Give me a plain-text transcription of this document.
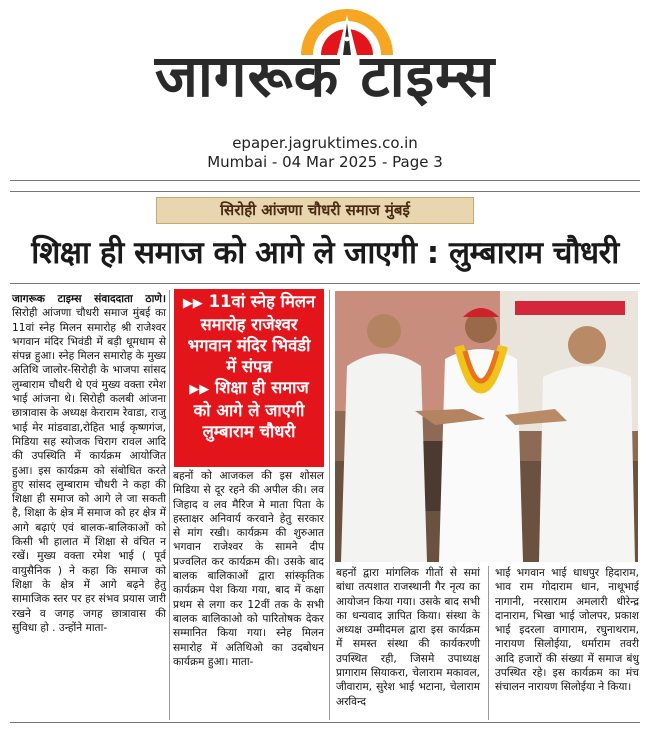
जागरूक टाइम्स
epaper.jagruktimes.co.in
Mumbai - 04 Mar 2025 - Page 3
सिरोही आंजणा चौधरी समाज मुंबई
शिक्षा ही समाज को आगे ले जाएगी : लुम्बाराम चौधरी
जागरूक टाइम्स संवाददाता ठाणे। सिरोही आंजणा चौधरी समाज मुंबई का 11वां स्नेह मिलन समारोह श्री राजेश्वर भगवान मंदिर भिवंडी में बड़ी धूमधाम से संपन्न हुआ। स्नेह मिलन समारोह के मुख्य अतिथि जालोर-सिरोही के भाजपा सांसद लुम्बाराम चौधरी थे एवं मुख्य वक्ता रमेश भाई आंजना थे। सिरोही कलबी आंजना छात्रावास के अध्यक्ष केराराम रेवाडा, राजु भाई मेर मांडवाडा,रोहित भाई कृष्णगंज, मिडिया सह स्योजक चिराग रावल आदि की उपस्थिति में कार्यक्रम आयोजित हुआ। इस कार्यक्रम को संबोधित करते हुए सांसद लुम्बाराम चौधरी ने कहा की शिक्षा ही समाज को आगे ले जा सकती है, शिक्षा के क्षेत्र में समाज को हर क्षेत्र में आगे बढ़ाएं एवं बालक-बालिकाओं को किसी भी हालात में शिक्षा से वंचित न रखें। मुख्य वक्ता रमेश भाई ( पूर्व वायुसैनिक ) ने कहा कि समाज को शिक्षा के क्षेत्र में आगे बढ़ने हेतु सामाजिक स्तर पर हर संभव प्रयास जारी रखने व जगह जगह छात्रावास की सुविधा हो . उन्होंने माता-

▶▶ 11वां स्नेह मिलन समारोह राजेश्वर भगवान मंदिर भिवंडी में संपन्न

▶▶ शिक्षा ही समाज को आगे ले जाएगी लुम्बाराम चौधरी

बहनों को आजकल की इस शोसल मिडिया से दूर रहने की अपील की। लव जिहाद व लव मैरिज मे माता पिता के हस्ताक्षर अनिवार्य करवाने हेतु सरकार से मांग रखी। कार्यक्रम की शुरुआत भगवान राजेश्वर के सामने दीप प्रज्वलित कर कार्यक्रम की। उसके बाद बालक बालिकाओं द्वारा सांस्कृतिक कार्यक्रम पेश किया गया, बाद में कक्षा प्रथम से लगा कर 12वीं तक के सभी बालक बालिकाओ को पारितोषक देकर सम्मानित किया गया। स्नेह मिलन समारोह में अतिथिओ का उदबोधन कार्यक्रम हुआ। माता-
बहनों द्वारा मांगलिक गीतों से समां बांधा तत्पशात राजस्थानी गैर नृत्य का आयोजन किया गया। उसके बाद सभी का धन्यवाद ज्ञापित किया। संस्था के अध्यक्ष उम्मीदमल द्वारा इस कार्यक्रम में समस्त संस्था की कार्यकरणी उपस्थित रही, जिसमे उपाध्यक्ष प्रागाराम सियाकरा, चेलाराम मकावल, जीवाराम, सुरेश भाई भटाना, चेलाराम अरविन्द
भाई भगवान भाई धाधपुर हिदाराम, भाव राम गोदाराम धान, नाथूभाई नागानी, नरसाराम अमलारी धीरेन्द्र दानाराम, भिखा भाई जोलपर, प्रकाश भाई इदरला वागाराम, रघुनाथराम, नारायण सिलोईया, धर्माराम तवरी आदि हजारों की संख्या में समाज बंधु उपस्थित रहे। इस कार्यक्रम का मंच संचालन नारायण सिलोईया ने किया।
